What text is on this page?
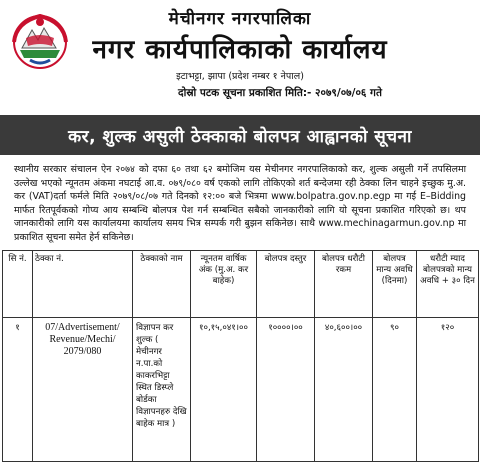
मेचीनगर नगरपालिका
नगर कार्यपालिकाको कार्यालय
इटाभट्टा, झापा (प्रदेश नम्बर १ नेपाल)
दोस्रो पटक सूचना प्रकाशित मिति:- २०७९/०७/०६ गते
कर, शुल्क असुली ठेक्काको बोलपत्र आह्वानको सूचना
स्थानीय सरकार संचालन ऐन २०७४ को दफा ६० तथा ६२ बमोजिम यस मेचीनगर नगरपालिकाको कर, शुल्क असुली गर्ने तपसिलमा उल्लेख भएको न्यूनतम अंकमा नघटाई आ.व. ०७९/०८० वर्ष एकको लागि तोकिएको शर्त बन्देजमा रही ठेक्का लिन चाहने इच्छुक मु.अ. कर (VAT)दर्ता फर्मले मिति २०७९/०८/०७ गते दिनको १२:०० बजे भित्रमा www.bolpatra.gov.np.egp मा गई E–Bidding मार्फत रितपूर्वकको गोप्य आय सम्बन्धि बोलपत्र पेश गर्न सम्बन्धित सबैको जानकारीको लागि यो सूचना प्रकाशित गरिएको छ। थप जानकारीको लागि यस कार्यालयमा कार्यालय समय भित्र सम्पर्क गरी बुझन सकिनेछ। साथै www.mechinagarmun.gov.np मा प्रकाशित सूचना समेत हेर्न सकिनेछ।
सि नं.	ठेक्का नं.	ठेक्काको नाम	न्यूनतम वार्षिक अंक (मु.अ. कर बाहेक)	बोलपत्र दस्तुर	बोलपत्र धरौटी रकम	बोलपत्र मान्य अवधि (दिनमा)	धरौटी म्याद बोलपत्रको मान्य अवधि + ३० दिन
१	07/Advertisement/ Revenue/Mechi/ 2079/080	विज्ञापन कर शुल्क ( मेचीनगर न.पा.को काकरभिट्टा स्थित डिस्प्ले बोर्डका विज्ञापनहरु देखि बाहेक मात्र )	१०,१५,०४१।००	१००००।००	४०,६००।००	९०	१२०
